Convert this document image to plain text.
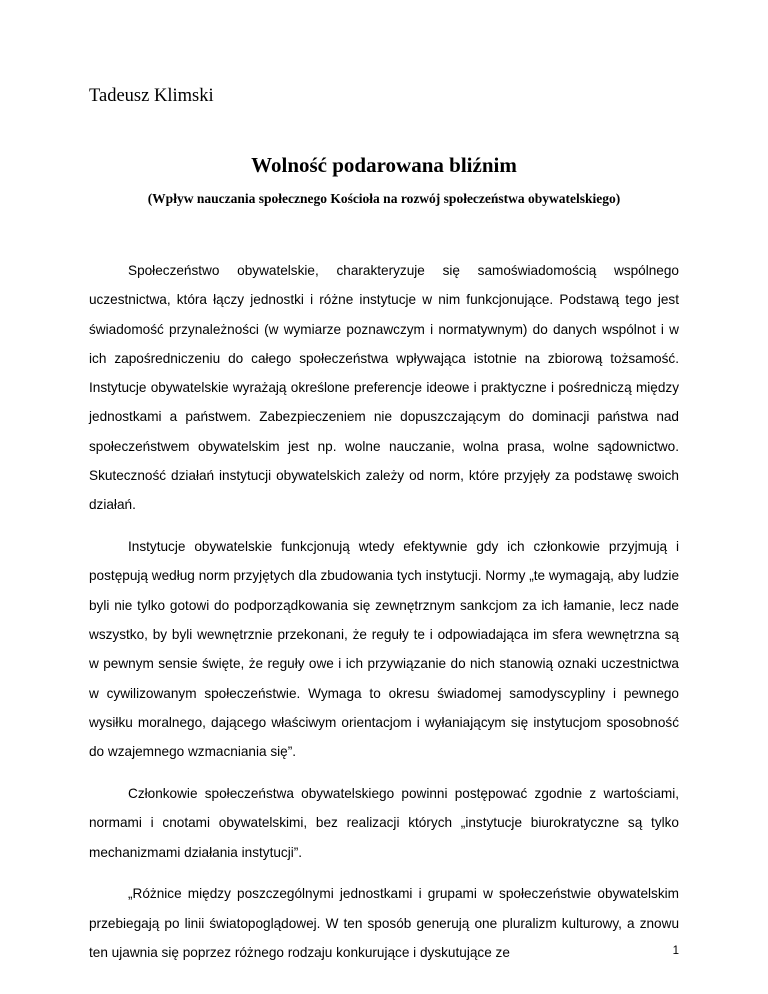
Tadeusz Klimski
Wolność podarowana bliźnim
(Wpływ nauczania społecznego Kościoła na rozwój społeczeństwa obywatelskiego)

Społeczeństwo obywatelskie, charakteryzuje się samoświadomością wspólnego uczestnictwa, która łączy jednostki i różne instytucje w nim funkcjonujące. Podstawą tego jest świadomość przynależności (w wymiarze poznawczym i normatywnym) do danych wspólnot i w ich zapośredniczeniu do całego społeczeństwa wpływająca istotnie na zbiorową tożsamość. Instytucje obywatelskie wyrażają określone preferencje ideowe i praktyczne i pośredniczą między jednostkami a państwem. Zabezpieczeniem nie dopuszczającym do dominacji państwa nad społeczeństwem obywatelskim jest np. wolne nauczanie, wolna prasa, wolne sądownictwo. Skuteczność działań instytucji obywatelskich zależy od norm, które przyjęły za podstawę swoich działań.

Instytucje obywatelskie funkcjonują wtedy efektywnie gdy ich członkowie przyjmują i postępują według norm przyjętych dla zbudowania tych instytucji. Normy „te wymagają, aby ludzie byli nie tylko gotowi do podporządkowania się zewnętrznym sankcjom za ich łamanie, lecz nade wszystko, by byli wewnętrznie przekonani, że reguły te i odpowiadająca im sfera wewnętrzna są w pewnym sensie święte, że reguły owe i ich przywiązanie do nich stanowią oznaki uczestnictwa w cywilizowanym społeczeństwie. Wymaga to okresu świadomej samodyscypliny i pewnego wysiłku moralnego, dającego właściwym orientacjom i wyłaniającym się instytucjom sposobność do wzajemnego wzmacniania się”.

Członkowie społeczeństwa obywatelskiego powinni postępować zgodnie z wartościami, normami i cnotami obywatelskimi, bez realizacji których „instytucje biurokratyczne są tylko mechanizmami działania instytucji”.

„Różnice między poszczególnymi jednostkami i grupami w społeczeństwie obywatelskim przebiegają po linii światopoglądowej. W ten sposób generują one pluralizm kulturowy, a znowu ten ujawnia się poprzez różnego rodzaju konkurujące i dyskutujące ze	1
